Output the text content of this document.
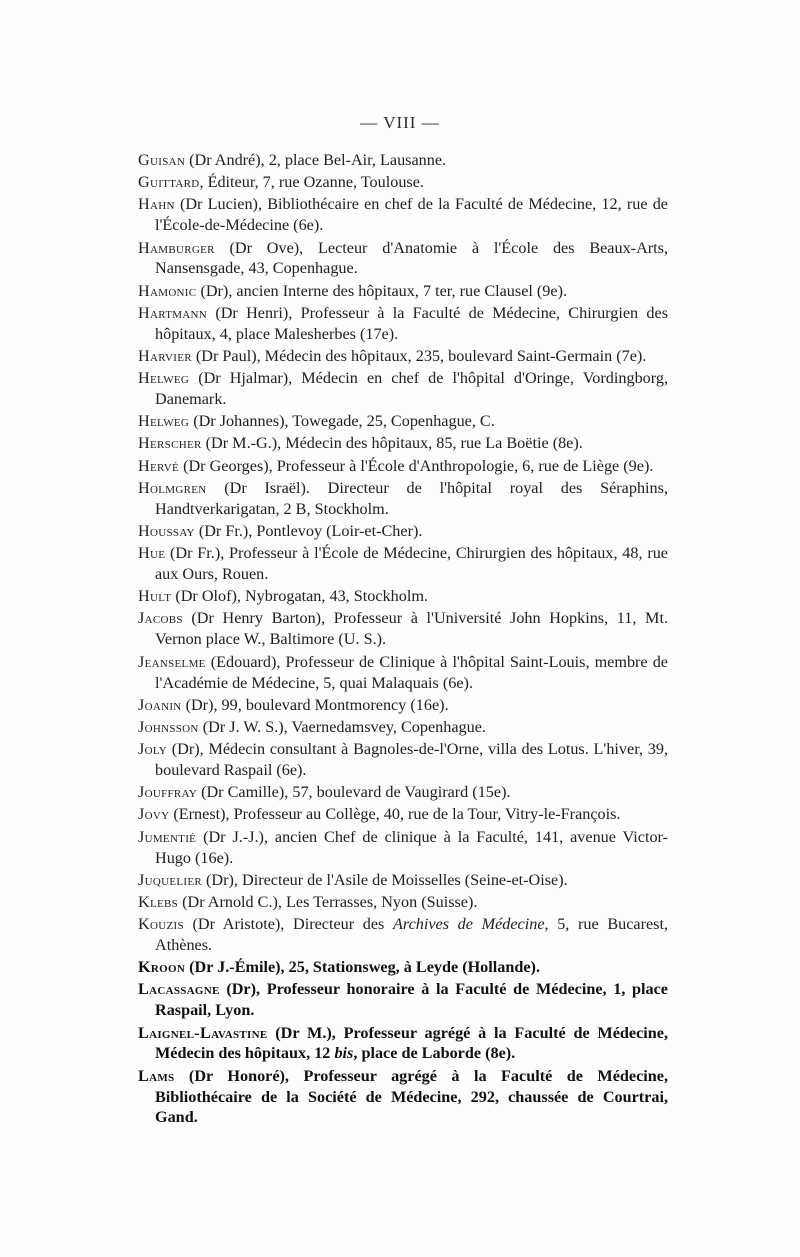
— VIII —

Guisan (Dr André), 2, place Bel-Air, Lausanne.

Guittard, Éditeur, 7, rue Ozanne, Toulouse.

Hahn (Dr Lucien), Bibliothécaire en chef de la Faculté de Médecine, 12, rue de l'École-de-Médecine (6e).

Hamburger (Dr Ove), Lecteur d'Anatomie à l'École des Beaux-Arts, Nansensgade, 43, Copenhague.

Hamonic (Dr), ancien Interne des hôpitaux, 7 ter, rue Clausel (9e).

Hartmann (Dr Henri), Professeur à la Faculté de Médecine, Chirurgien des hôpitaux, 4, place Malesherbes (17e).

Harvier (Dr Paul), Médecin des hôpitaux, 235, boulevard Saint-Germain (7e).

Helweg (Dr Hjalmar), Médecin en chef de l'hôpital d'Oringe, Vordingborg, Danemark.

Helweg (Dr Johannes), Towegade, 25, Copenhague, C.

Herscher (Dr M.-G.), Médecin des hôpitaux, 85, rue La Boëtie (8e).

Hervé (Dr Georges), Professeur à l'École d'Anthropologie, 6, rue de Liège (9e).

Holmgren (Dr Israël). Directeur de l'hôpital royal des Séraphins, Handtverkarigatan, 2 B, Stockholm.

Houssay (Dr Fr.), Pontlevoy (Loir-et-Cher).

Hue (Dr Fr.), Professeur à l'École de Médecine, Chirurgien des hôpitaux, 48, rue aux Ours, Rouen.

Hult (Dr Olof), Nybrogatan, 43, Stockholm.

Jacobs (Dr Henry Barton), Professeur à l'Université John Hopkins, 11, Mt. Vernon place W., Baltimore (U. S.).

Jeanselme (Edouard), Professeur de Clinique à l'hôpital Saint-Louis, membre de l'Académie de Médecine, 5, quai Malaquais (6e).

Joanin (Dr), 99, boulevard Montmorency (16e).

Johnsson (Dr J. W. S.), Vaernedamsvey, Copenhague.

Joly (Dr), Médecin consultant à Bagnoles-de-l'Orne, villa des Lotus. L'hiver, 39, boulevard Raspail (6e).

Jouffray (Dr Camille), 57, boulevard de Vaugirard (15e).

Jovy (Ernest), Professeur au Collège, 40, rue de la Tour, Vitry-le-François.

Jumentié (Dr J.-J.), ancien Chef de clinique à la Faculté, 141, avenue Victor-Hugo (16e).

Juquelier (Dr), Directeur de l'Asile de Moisselles (Seine-et-Oise).

Klebs (Dr Arnold C.), Les Terrasses, Nyon (Suisse).

Kouzis (Dr Aristote), Directeur des Archives de Médecine, 5, rue Bucarest, Athènes.

Kroon (Dr J.-Émile), 25, Stationsweg, à Leyde (Hollande).

Lacassagne (Dr), Professeur honoraire à la Faculté de Médecine, 1, place Raspail, Lyon.

Laignel-Lavastine (Dr M.), Professeur agrégé à la Faculté de Médecine, Médecin des hôpitaux, 12 bis, place de Laborde (8e).

Lams (Dr Honoré), Professeur agrégé à la Faculté de Médecine, Bibliothécaire de la Société de Médecine, 292, chaussée de Courtrai, Gand.
